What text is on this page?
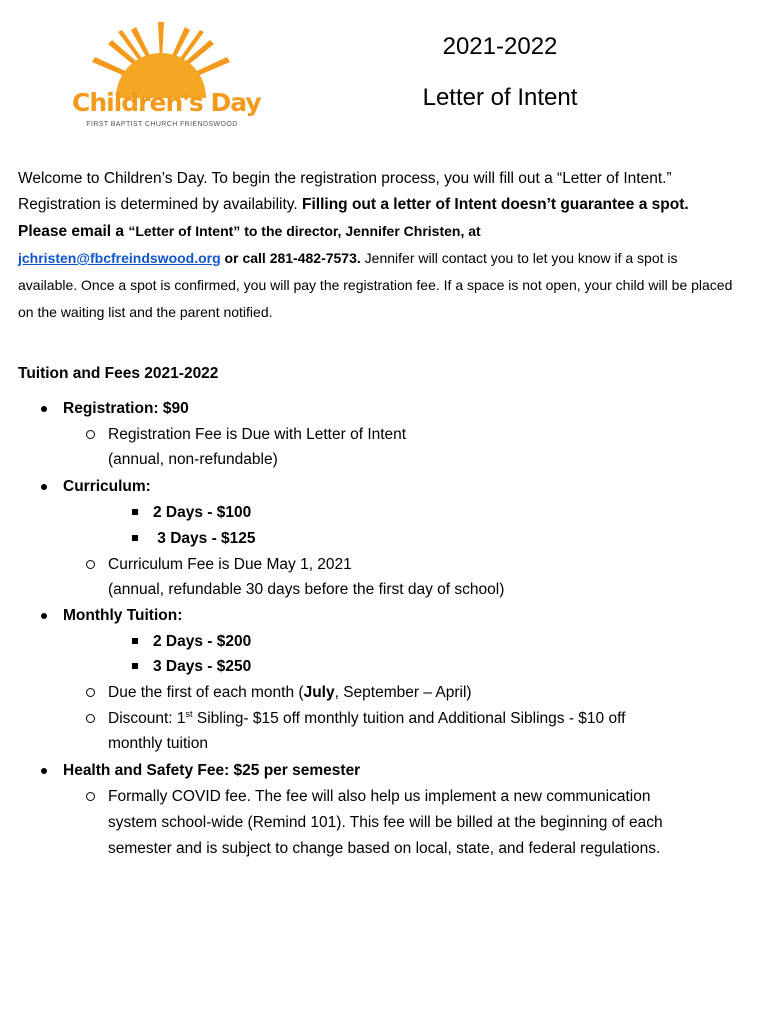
Children's Day
FIRST BAPTIST CHURCH FRIENDSWOOD
2021-2022
Letter of Intent

Welcome to Children’s Day. To begin the registration process, you will fill out a “Letter of Intent.” Registration is determined by availability. Filling out a letter of Intent doesn’t guarantee a spot. Please email a “Letter of Intent” to the director, Jennifer Christen, at
jchristen@fbcfreindswood.org or call 281-482-7573. Jennifer will contact you to let you know if a spot is available. Once a spot is confirmed, you will pay the registration fee. If a space is not open, your child will be placed on the waiting list and the parent notified.

Tuition and Fees 2021-2022
Registration: $90
Registration Fee is Due with Letter of Intent
(annual, non-refundable)
Curriculum:
2 Days - $100
3 Days - $125
Curriculum Fee is Due May 1, 2021
(annual, refundable 30 days before the first day of school)
Monthly Tuition:
2 Days - $200
3 Days - $250
Due the first of each month (July, September – April)
Discount: 1st Sibling- $15 off monthly tuition and Additional Siblings - $10 off
monthly tuition
Health and Safety Fee: $25 per semester
Formally COVID fee. The fee will also help us implement a new communication
system school-wide (Remind 101). This fee will be billed at the beginning of each
semester and is subject to change based on local, state, and federal regulations.
